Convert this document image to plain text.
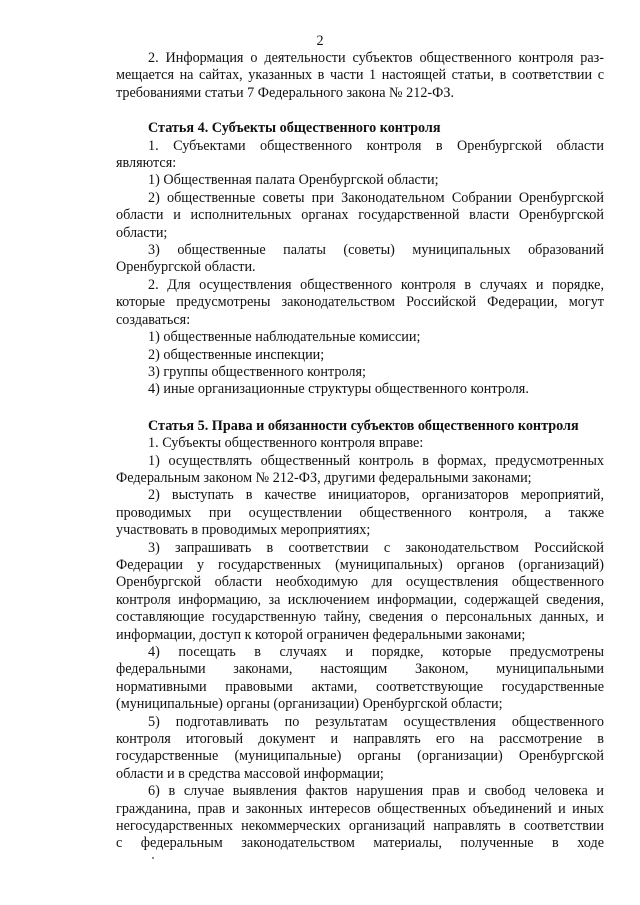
2
2. Информация о деятельности субъектов общественного контроля раз-
мещается на сайтах, указанных в части 1 настоящей статьи, в соответствии с
требованиями статьи 7 Федерального закона № 212-ФЗ.
Статья 4. Субъекты общественного контроля
1. Субъектами общественного контроля в Оренбургской области
являются:
1) Общественная палата Оренбургской области;
2) общественные советы при Законодательном Собрании Оренбургской
области и исполнительных органах государственной власти Оренбургской
области;
3) общественные палаты (советы) муниципальных образований
Оренбургской области.
2. Для осуществления общественного контроля в случаях и порядке,
которые предусмотрены законодательством Российской Федерации, могут
создаваться:
1) общественные наблюдательные комиссии;
2) общественные инспекции;
3) группы общественного контроля;
4) иные организационные структуры общественного контроля.
Статья 5. Права и обязанности субъектов общественного контроля
1. Субъекты общественного контроля вправе:
1) осуществлять общественный контроль в формах, предусмотренных
Федеральным законом № 212-ФЗ, другими федеральными законами;
2) выступать в качестве инициаторов, организаторов мероприятий,
проводимых при осуществлении общественного контроля, а также
участвовать в проводимых мероприятиях;
3) запрашивать в соответствии с законодательством Российской
Федерации у государственных (муниципальных) органов (организаций)
Оренбургской области необходимую для осуществления общественного
контроля информацию, за исключением информации, содержащей сведения,
составляющие государственную тайну, сведения о персональных данных, и
информации, доступ к которой ограничен федеральными законами;
4) посещать в случаях и порядке, которые предусмотрены
федеральными законами, настоящим Законом, муниципальными
нормативными правовыми актами, соответствующие государственные
(муниципальные) органы (организации) Оренбургской области;
5) подготавливать по результатам осуществления общественного
контроля итоговый документ и направлять его на рассмотрение в
государственные (муниципальные) органы (организации) Оренбургской
области и в средства массовой информации;
6) в случае выявления фактов нарушения прав и свобод человека и
гражданина, прав и законных интересов общественных объединений и иных
негосударственных некоммерческих организаций направлять в соответствии
с федеральным законодательством материалы, полученные в ходе
